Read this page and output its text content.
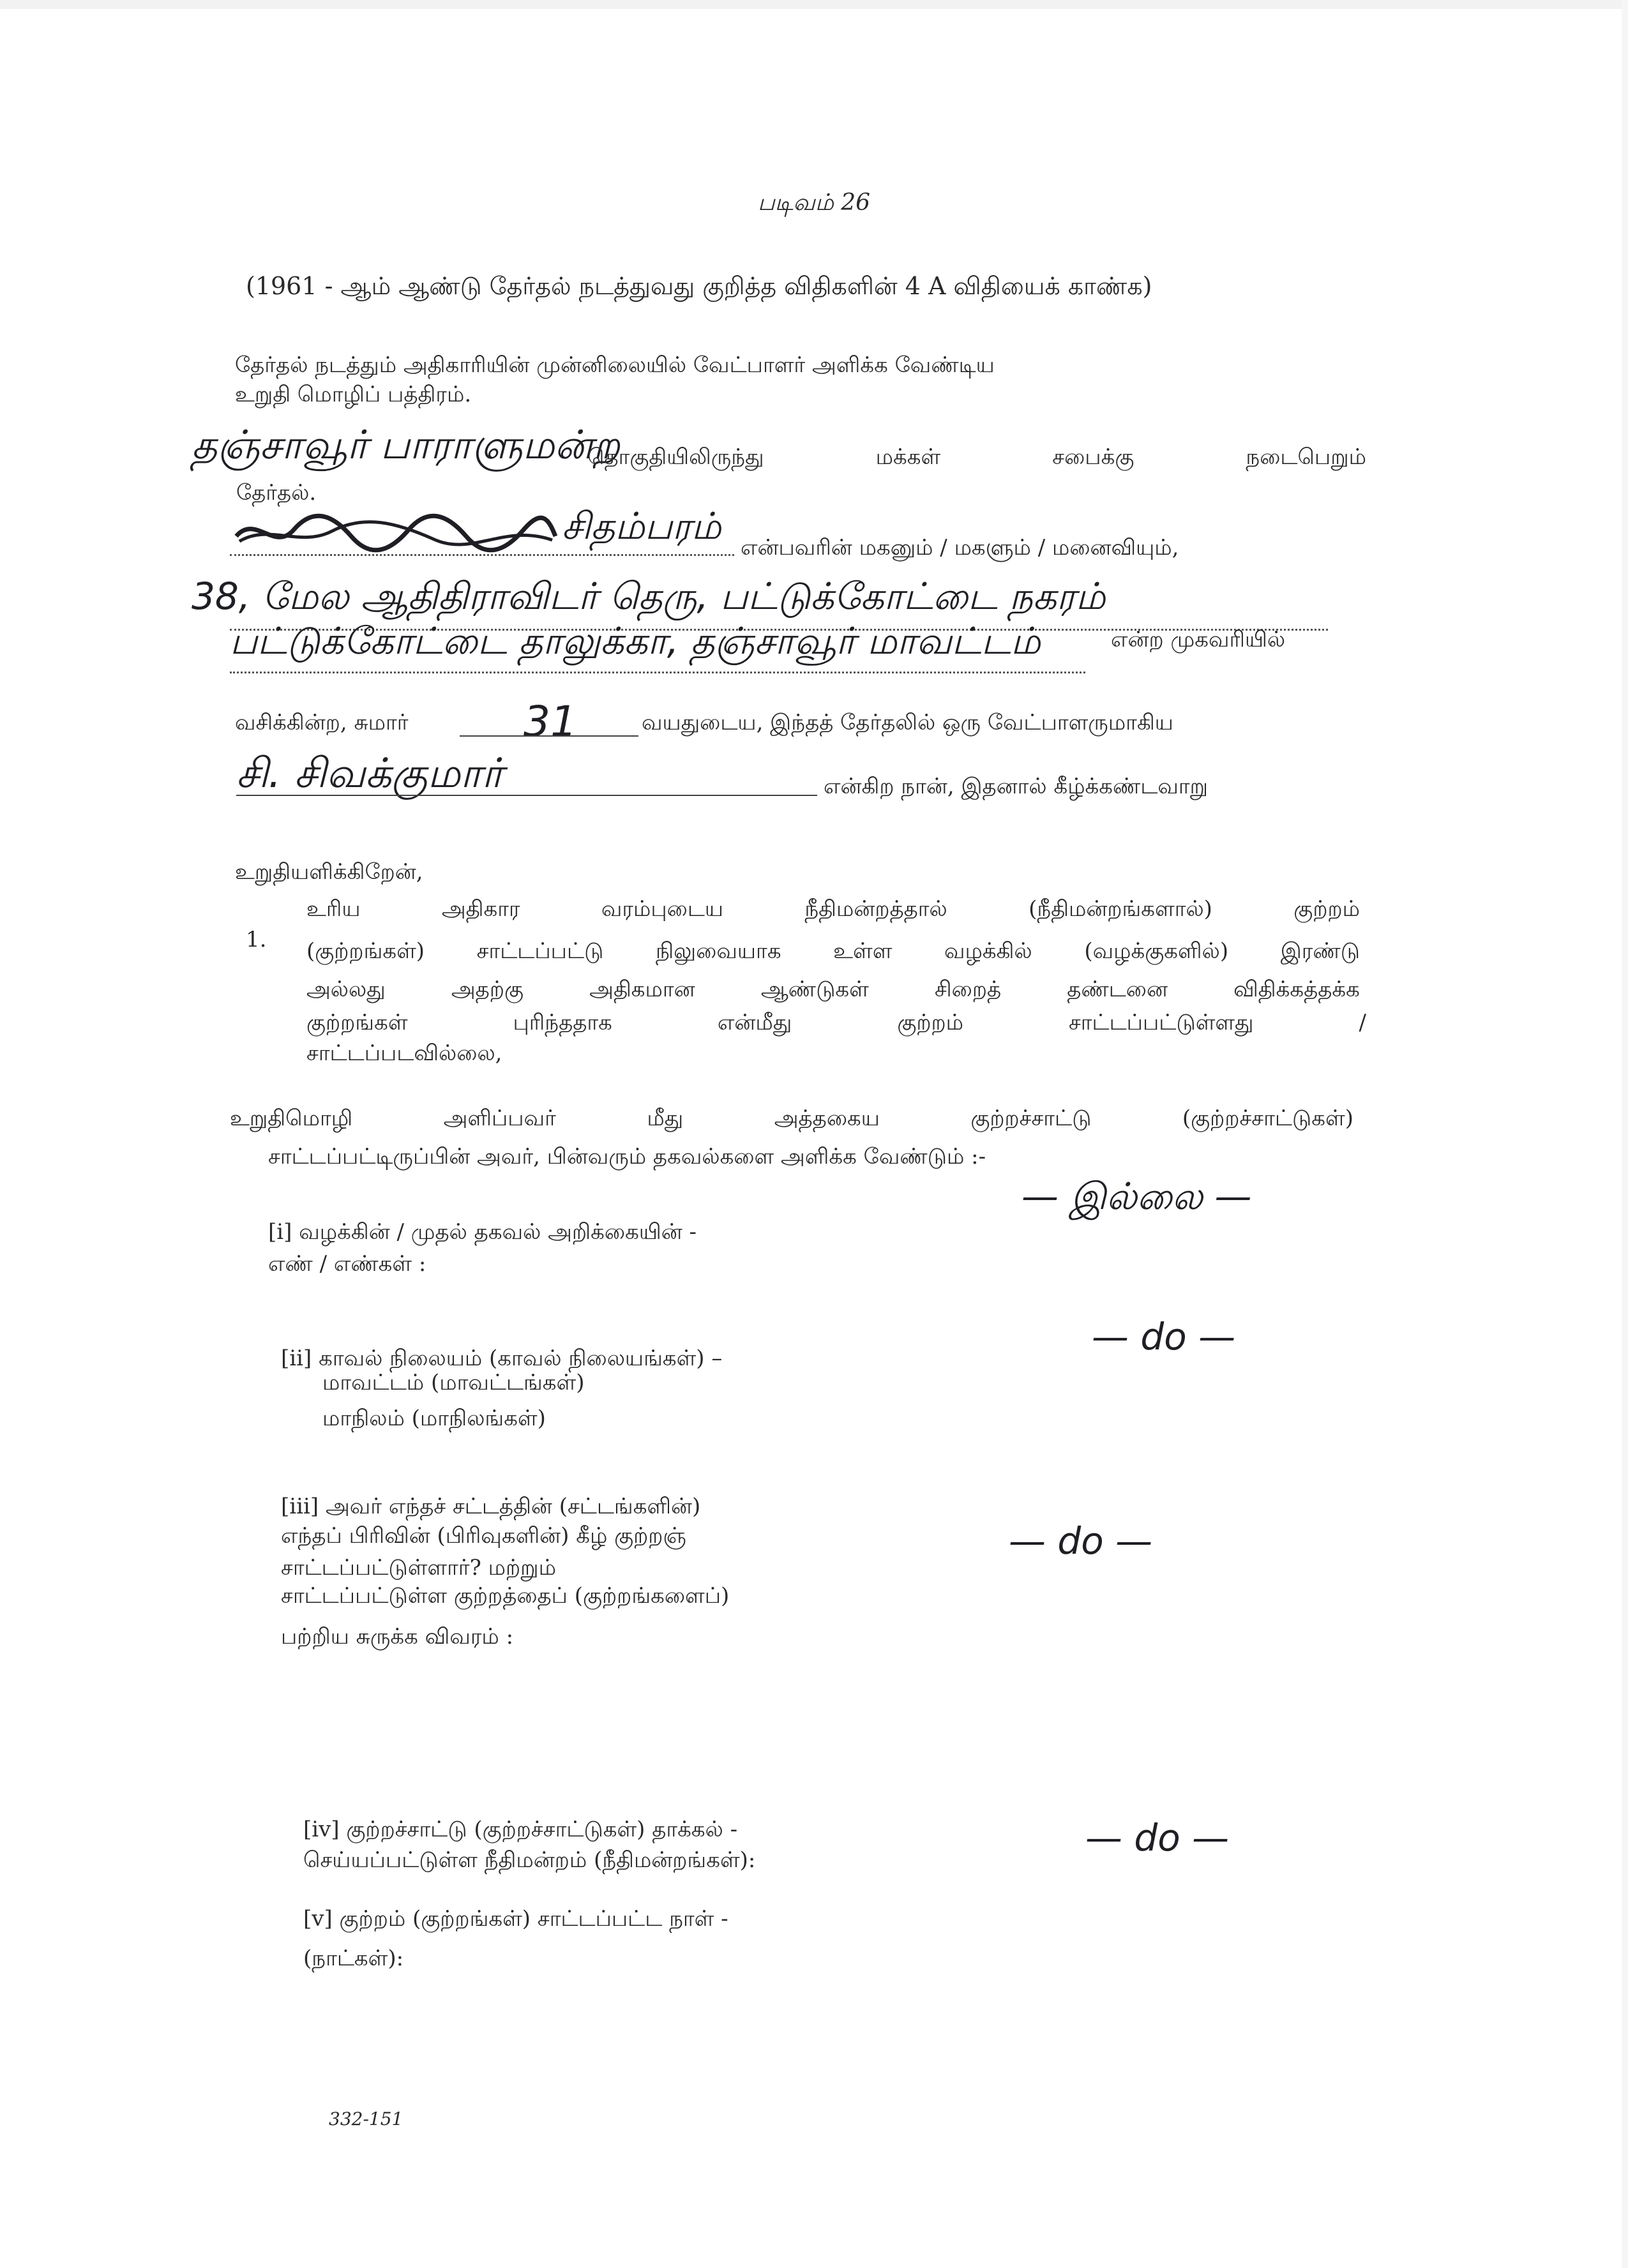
படிவம் 26
(1961 - ஆம் ஆண்டு தேர்தல் நடத்துவது குறித்த விதிகளின் 4 A விதியைக் காண்க)
தேர்தல் நடத்தும் அதிகாரியின் முன்னிலையில் வேட்பாளர் அளிக்க வேண்டிய
உறுதி மொழிப் பத்திரம்.
தஞ்சாவூர் பாராளுமன்ற
தொகுதியிலிருந்து	மக்கள்	சபைக்கு	நடைபெறும்
தேர்தல்.
சிதம்பரம் என்பவரின் மகனும் / மகளும் / மனைவியும்,
38, மேல ஆதிதிராவிடர் தெரு, பட்டுக்கோட்டை நகரம்
பட்டுக்கோட்டை தாலுக்கா, தஞ்சாவூர் மாவட்டம்	என்ற முகவரியில்
வசிக்கின்ற, சுமார்	31	வயதுடைய, இந்தத் தேர்தலில் ஒரு வேட்பாளருமாகிய
சி. சிவக்குமார்	என்கிற நான், இதனால் கீழ்க்கண்டவாறு
உறுதியளிக்கிறேன்,
1.
உரிய	அதிகார	வரம்புடைய	நீதிமன்றத்தால்	(நீதிமன்றங்களால்)	குற்றம்
(குற்றங்கள்) சாட்டப்பட்டு நிலுவையாக உள்ள வழக்கில் (வழக்குகளில்) இரண்டு
அல்லது	அதற்கு	அதிகமான	ஆண்டுகள்	சிறைத்	தண்டனை	விதிக்கத்தக்க
குற்றங்கள்	புரிந்ததாக	என்மீது	குற்றம்	சாட்டப்பட்டுள்ளது	/
சாட்டப்படவில்லை,
உறுதிமொழி	அளிப்பவர்	மீது	அத்தகைய	குற்றச்சாட்டு	(குற்றச்சாட்டுகள்)
சாட்டப்பட்டிருப்பின் அவர், பின்வரும் தகவல்களை அளிக்க வேண்டும் :-
[i] வழக்கின் / முதல் தகவல் அறிக்கையின் -
எண் / எண்கள் :
— இல்லை —
[ii] காவல் நிலையம் (காவல் நிலையங்கள்) –
மாவட்டம் (மாவட்டங்கள்)
மாநிலம் (மாநிலங்கள்)
— do —
[iii] அவர் எந்தச் சட்டத்தின் (சட்டங்களின்)
எந்தப் பிரிவின் (பிரிவுகளின்) கீழ் குற்றஞ்
சாட்டப்பட்டுள்ளார்? மற்றும்
சாட்டப்பட்டுள்ள குற்றத்தைப் (குற்றங்களைப்)
பற்றிய சுருக்க விவரம் :
— do —
[iv] குற்றச்சாட்டு (குற்றச்சாட்டுகள்) தாக்கல் -
செய்யப்பட்டுள்ள நீதிமன்றம் (நீதிமன்றங்கள்):
— do —
[v] குற்றம் (குற்றங்கள்) சாட்டப்பட்ட நாள் -
(நாட்கள்):
332-151
